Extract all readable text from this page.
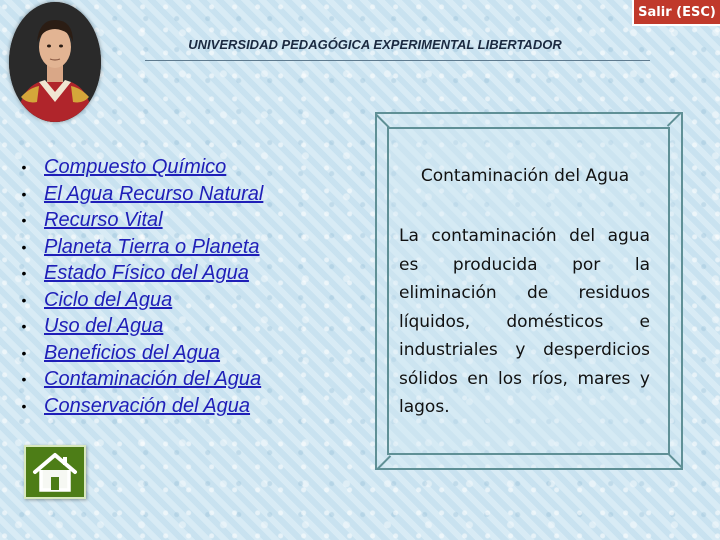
Salir (ESC)
UNIVERSIDAD PEDAGÓGICA EXPERIMENTAL LIBERTADOR
• Compuesto Químico
• El Agua Recurso Natural
• Recurso Vital
• Planeta Tierra o Planeta
• Estado Físico del Agua
• Ciclo del Agua
• Uso del Agua
• Beneficios del Agua
• Contaminación del Agua
• Conservación del Agua
Contaminación del Agua
La contaminación del agua es producida por la eliminación de residuos líquidos, domésticos e industriales y desperdicios sólidos en los ríos, mares y lagos.
